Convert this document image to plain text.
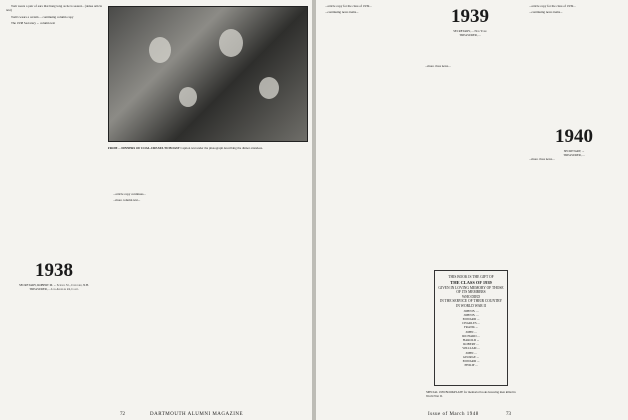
Tom wears a pair of ears that hang long as he is seated... (dense article text)

Tom's wears a certain ... continuing column copy

The 1938 Secretary ... column text

FROM ... DINNERS OF COAL-CREATA TO BOAST Caption text under the photograph describing the dinner attendees.
1938
SECRETARY, ROBERT M. ... School St., Concord, N.H.
TREASURER, ... Los Angeles 24, Calif.

...article copy continues...

...more column text...

DARTMOUTH ALUMNI MAGAZINE
72
1939
SECRETARY, ... New York
TREASURER, ...

...article copy for the class of 1939...

...continuing news items...

...more class news...

THIS BOOK IS THE GIFT OF
THE CLASS OF 1939
GIVEN IN LOVING MEMORY OF THOSE
OF ITS MEMBERS
WHO DIED
IN THE SERVICE OF THEIR COUNTRY
IN WORLD WAR II
JOHN B. ...
JOHN B. ...
EDWARD ...
CHARLES ...
FRANK ...
JOHN ...
RICHARD ...
HAROLD ...
ROBERT ...
WILLIAM ...
JOHN ...
GEORGE ...
EDWARD ...
PHILIP ...
SPECIAL 1939 BOOKPLATE for memorial books honoring men killed in World War II.

...article copy for the class of 1939...

...continuing news items...

1940
SECRETARY, ...
TREASURER, ...

...more class news...

Issue of March 1948	73
